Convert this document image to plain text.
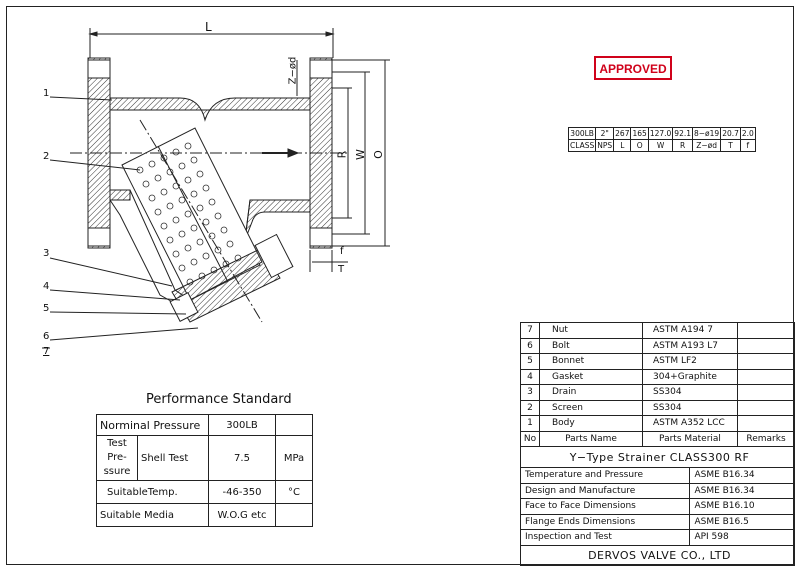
L
Z−ød
R W O
f
T
1
2
3
4
5
6
7
APPROVED
300LB	2"	267	165	127.0	92.1	8−ø19	20.7	2.0
CLASS	NPS	L	O	W	R	Z−ød	T	f
7	Nut	ASTM A194 7		
6	Bolt	ASTM A193 L7		
5	Bonnet	ASTM LF2		
4	Gasket	304+Graphite		
3	Drain	SS304		
2	Screen	SS304		
1	Body	ASTM A352 LCC		
No	Parts Name	Parts Material		Remarks
Y−Type Strainer CLASS300 RF				
Temperature and Pressure			ASME B16.34	
Design and Manufacture			ASME B16.34	
Face to Face Dimensions			ASME B16.10	
Flange Ends Dimensions			ASME B16.5	
Inspection and Test			API 598	
DERVOS VALVE CO., LTD				
Performance Standard
Norminal Pressure		300LB	
Test Pre- ssure	Shell Test	7.5	MPa
SuitableTemp.		-46-350	°C
Suitable Media		W.O.G etc	
